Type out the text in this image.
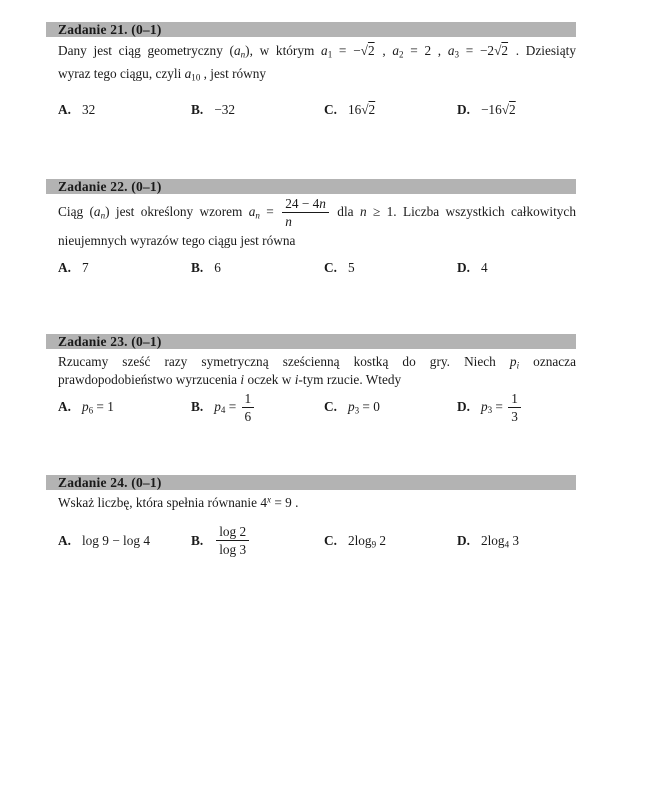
Zadanie 21. (0–1)
Dany jest ciąg geometryczny $(a_n)$, w którym $a_1 = -√2$ , $a_2 = 2$ , $a_3 = -2√2$ . Dziesiąty
wyraz tego ciągu, czyli $a_{10}$ , jest równy
A. 32	B. −32	C. 16√2	D. −16√2
Zadanie 22. (0–1)
Ciąg $(a_n)$ jest określony wzorem $a_n = \frac{24 - 4n}{n}$ dla n ≥ 1. Liczba wszystkich całkowitych
nieujemnych wyrazów tego ciągu jest równa
A. 7	B. 6	C. 5	D. 4
Zadanie 23. (0–1)
Rzucamy sześć razy symetryczną sześcienną kostką do gry. Niech $p_i$ oznacza
prawdopodobieństwo wyrzucenia i oczek w i-tym rzucie. Wtedy
A. $p_6 = 1$	B. $p_4 = \frac{1}{6}$	C. $p_3 = 0$	D. $p_3 = \frac{1}{3}$
Zadanie 24. (0–1)
Wskaż liczbę, która spełnia równanie $4^x = 9$ .
A. log 9 − log 4	B. $\frac{\log 2}{\log 3}$	C. $2\log_9$ 2	D. $2\log_4$ 3
